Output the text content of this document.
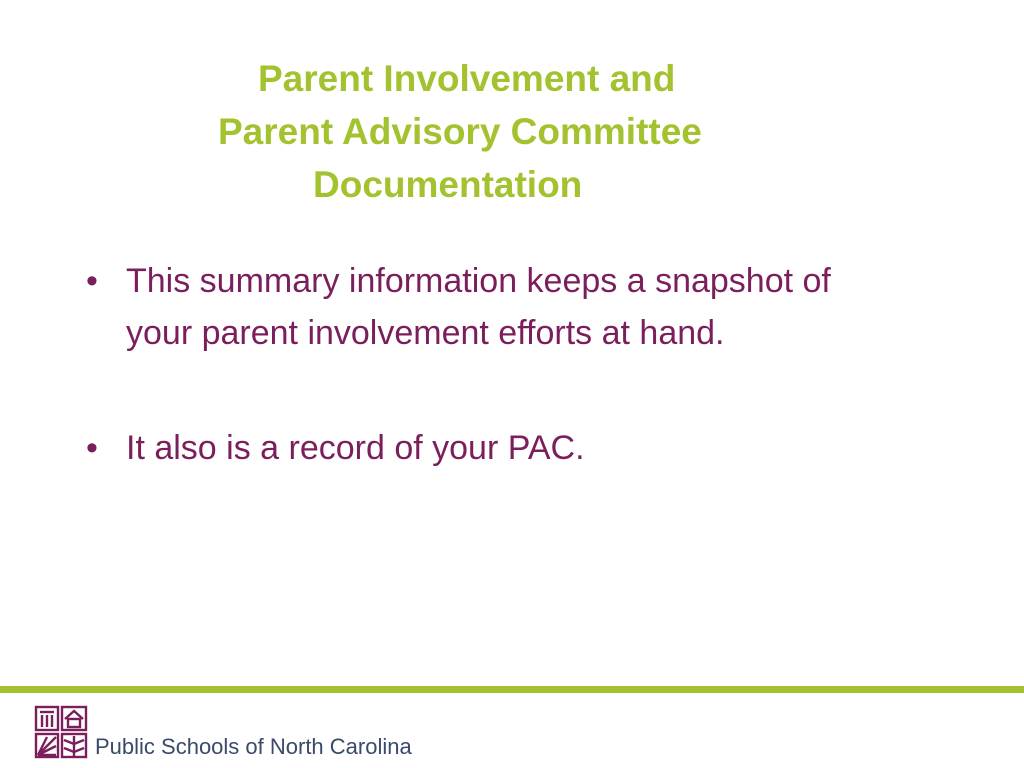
Parent Involvement and
Parent Advisory Committee
Documentation
• This summary information keeps a snapshot of your parent involvement efforts at hand.
• It also is a record of your PAC.
Public Schools of North Carolina
